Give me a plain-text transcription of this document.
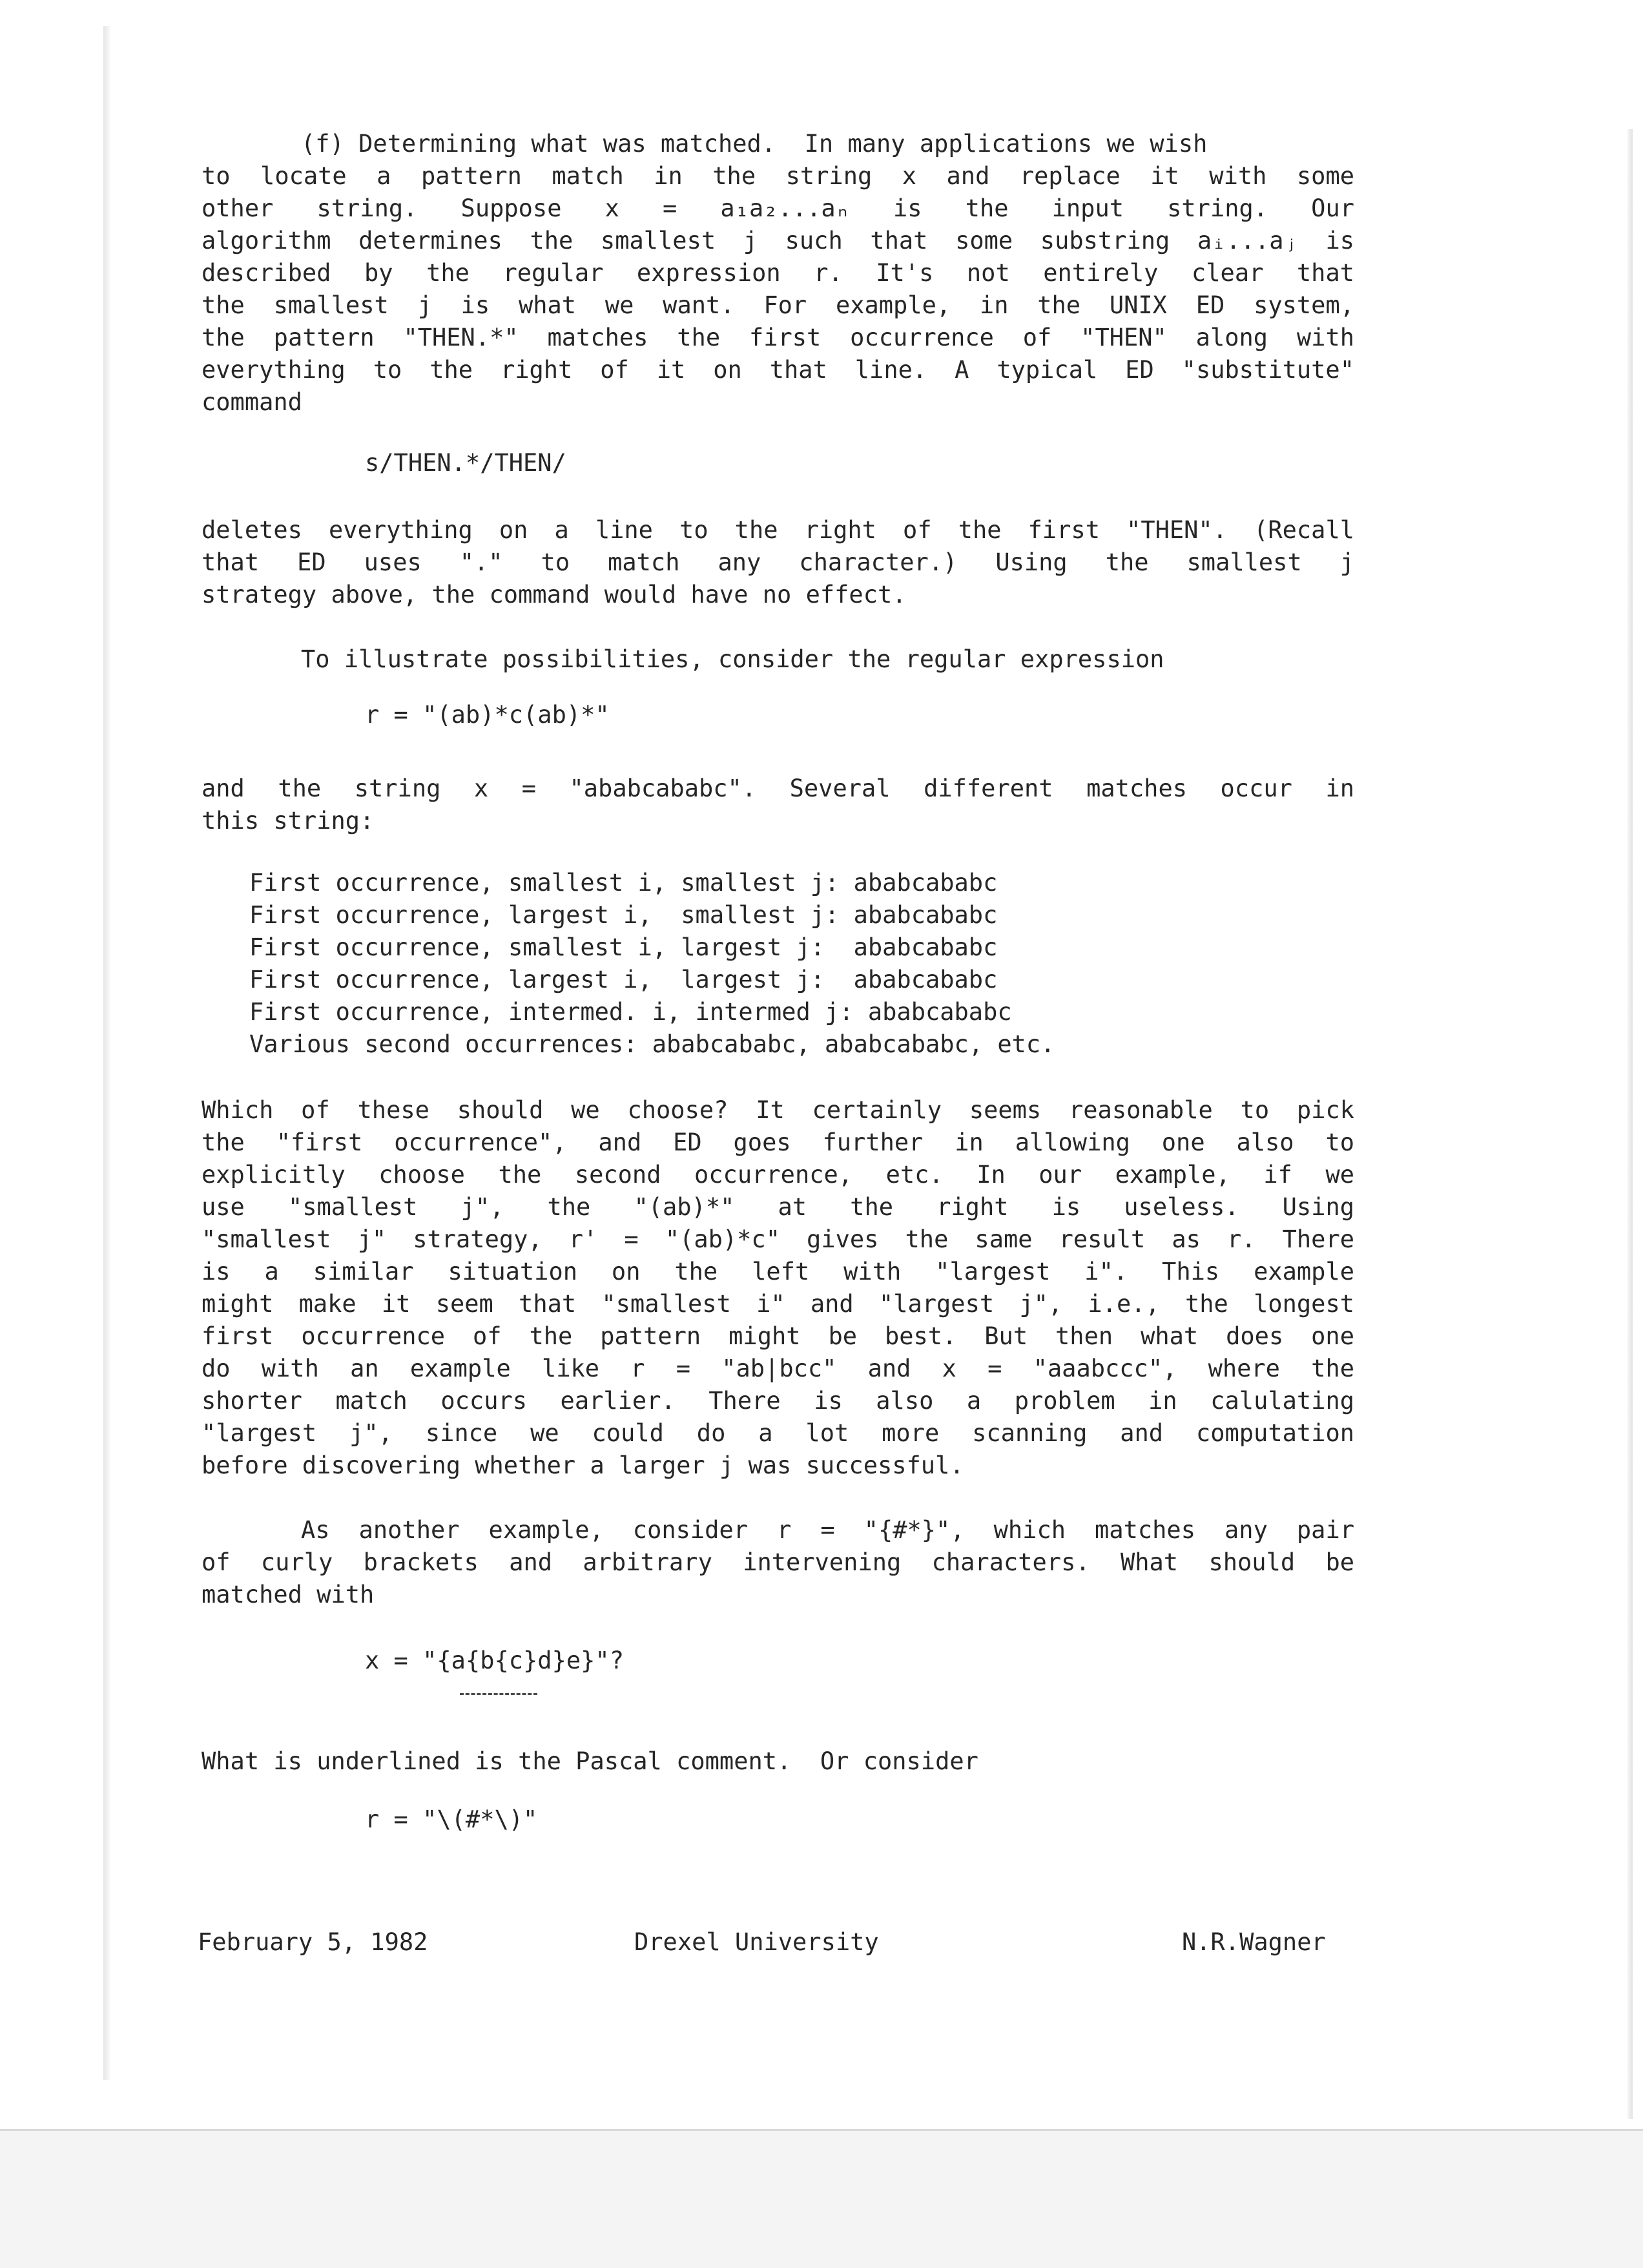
(f) Determining what was matched.  In many applications we wish

to locate a pattern match in the string x and replace it with some

other string. Suppose x = a₁a₂...aₙ is the input string. Our

algorithm determines the smallest j such that some substring aᵢ...aⱼ is

described by the regular expression r. It's not entirely clear that

the smallest j is what we want. For example, in the UNIX ED system,

the pattern "THEN.*" matches the first occurrence of "THEN" along with

everything to the right of it on that line. A typical ED "substitute"

command

s/THEN.*/THEN/

deletes everything on a line to the right of the first "THEN". (Recall

that ED uses "." to match any character.) Using the smallest j

strategy above, the command would have no effect.

To illustrate possibilities, consider the regular expression

r = "(ab)*c(ab)*"

and the string x = "ababcababc". Several different matches occur in

this string:

First occurrence, smallest i, smallest j: ababcababc

First occurrence, largest i,  smallest j: ababcababc

First occurrence, smallest i, largest j:  ababcababc

First occurrence, largest i,  largest j:  ababcababc

First occurrence, intermed. i, intermed j: ababcababc

Various second occurrences: ababcababc, ababcababc, etc.

Which of these should we choose? It certainly seems reasonable to pick

the "first occurrence", and ED goes further in allowing one also to

explicitly choose the second occurrence, etc. In our example, if we

use "smallest j", the "(ab)*" at the right is useless. Using

"smallest j" strategy, r' = "(ab)*c" gives the same result as r. There

is a similar situation on the left with "largest i". This example

might make it seem that "smallest i" and "largest j", i.e., the longest

first occurrence of the pattern might be best. But then what does one

do with an example like r = "ab|bcc" and x = "aaabccc", where the

shorter match occurs earlier. There is also a problem in calulating

"largest j", since we could do a lot more scanning and computation

before discovering whether a larger j was successful.

As another example, consider r = "{#*}", which matches any pair

of curly brackets and arbitrary intervening characters. What should be

matched with

x = "{a{b{c}d}e}"?

What is underlined is the Pascal comment.  Or consider

r = "\(#*\)"

February 5, 1982	Drexel University	N.R.Wagner
